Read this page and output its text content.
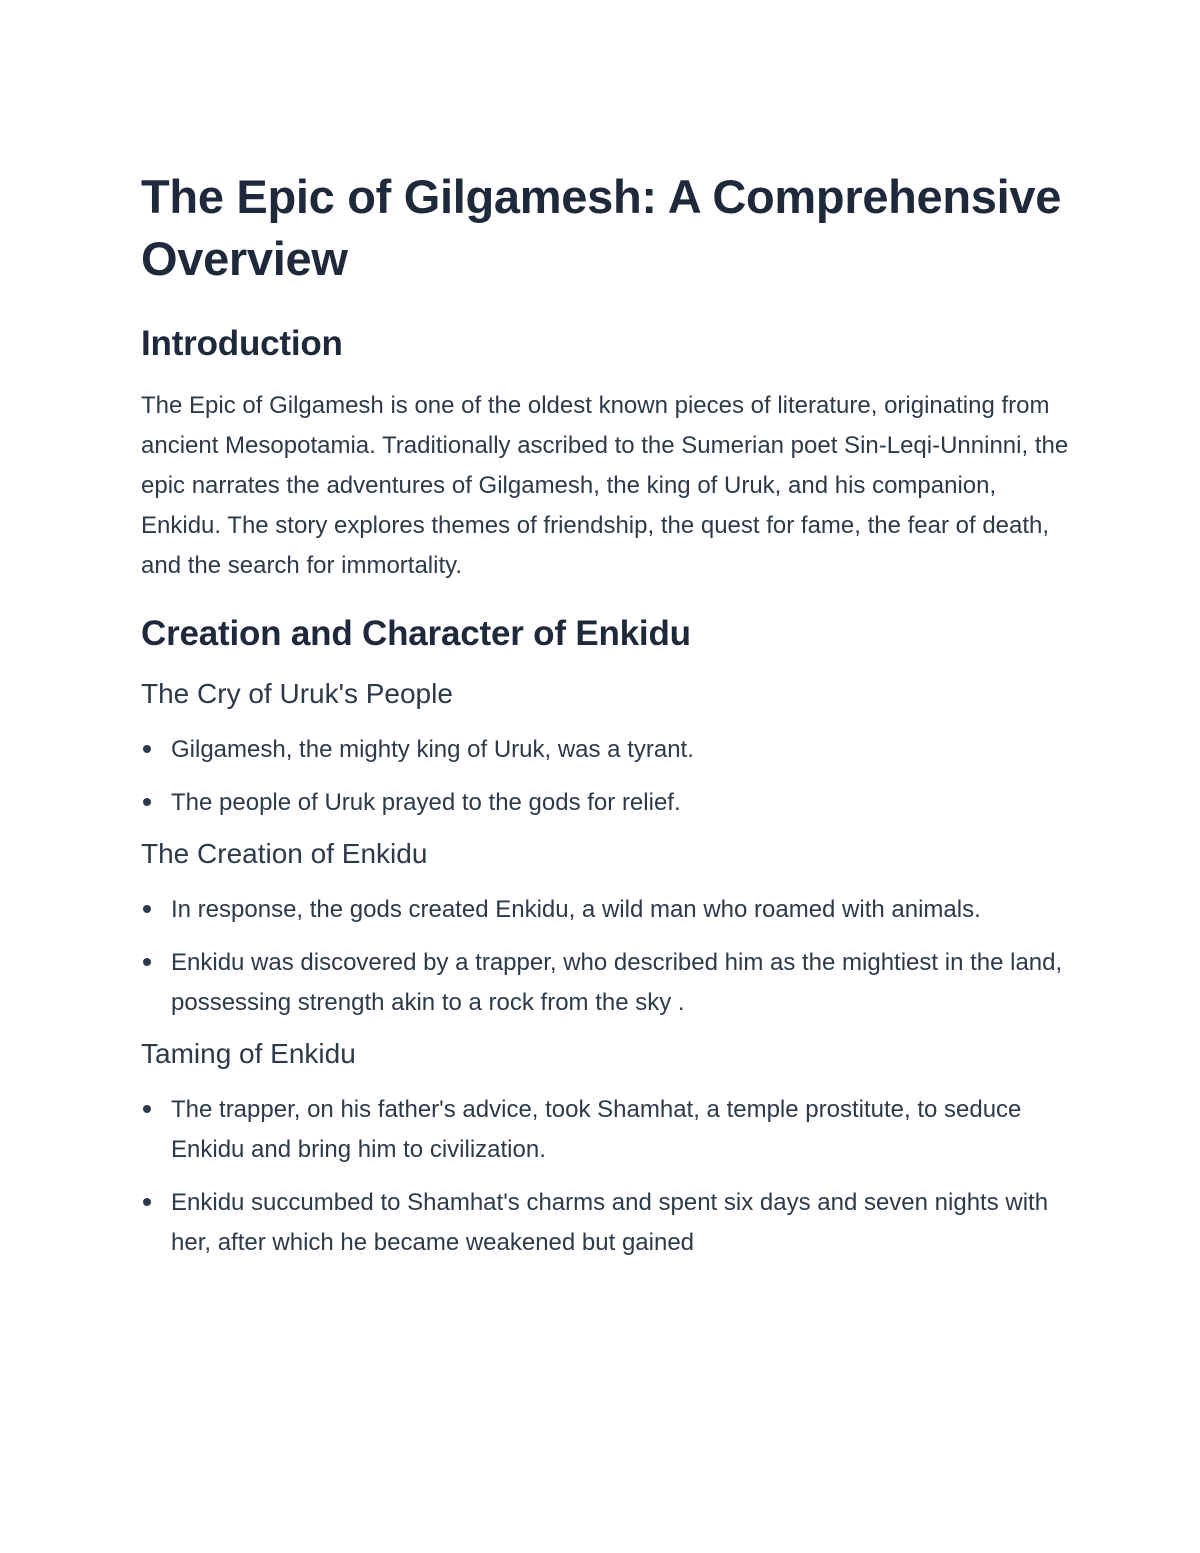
The Epic of Gilgamesh: A Comprehensive Overview
Introduction

The Epic of Gilgamesh is one of the oldest known pieces of literature, originating from ancient Mesopotamia. Traditionally ascribed to the Sumerian poet Sin-Leqi-Unninni, the epic narrates the adventures of Gilgamesh, the king of Uruk, and his companion, Enkidu. The story explores themes of friendship, the quest for fame, the fear of death, and the search for immortality.

Creation and Character of Enkidu
The Cry of Uruk's People
Gilgamesh, the mighty king of Uruk, was a tyrant.
The people of Uruk prayed to the gods for relief.
The Creation of Enkidu
In response, the gods created Enkidu, a wild man who roamed with animals.
Enkidu was discovered by a trapper, who described him as the mightiest in the land, possessing strength akin to a rock from the sky .
Taming of Enkidu
The trapper, on his father's advice, took Shamhat, a temple prostitute, to seduce Enkidu and bring him to civilization.
Enkidu succumbed to Shamhat's charms and spent six days and seven nights with her, after which he became weakened but gained
